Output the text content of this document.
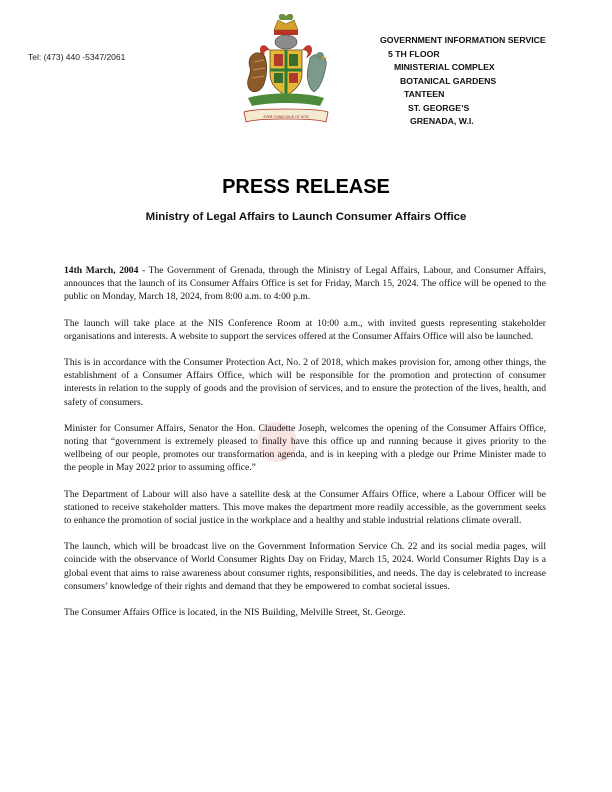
Tel: (473) 440 -5347/2061
EVER CONSCIOUS OF GOD
GOVERNMENT INFORMATION SERVICE
5 TH FLOOR
MINISTERIAL COMPLEX
BOTANICAL GARDENS
TANTEEN
ST. GEORGE’S
GRENADA, W.I.
PRESS RELEASE
Ministry of Legal Affairs to Launch Consumer Affairs Office

14th March, 2004 - The Government of Grenada, through the Ministry of Legal Affairs, Labour, and Consumer Affairs, announces that the launch of its Consumer Affairs Office is set for Friday, March 15, 2024. The office will be opened to the public on Monday, March 18, 2024, from 8:00 a.m. to 4:00 p.m.

The launch will take place at the NIS Conference Room at 10:00 a.m., with invited guests representing stakeholder organisations and interests. A website to support the services offered at the Consumer Affairs Office will also be launched.

This is in accordance with the Consumer Protection Act, No. 2 of 2018, which makes provision for, among other things, the establishment of a Consumer Affairs Office, which will be responsible for the promotion and protection of consumer interests in relation to the supply of goods and the provision of services, and to ensure the protection of the lives, health, and safety of consumers.

Minister for Consumer Affairs, Senator the Hon. Claudette Joseph, welcomes the opening of the Consumer Affairs Office, noting that “government is extremely pleased to finally have this office up and running because it gives priority to the wellbeing of our people, promotes our transformation agenda, and is in keeping with a pledge our Prime Minister made to the people in May 2022 prior to assuming office.”

The Department of Labour will also have a satellite desk at the Consumer Affairs Office, where a Labour Officer will be stationed to receive stakeholder matters. This move makes the department more readily accessible, as the government seeks to enhance the promotion of social justice in the workplace and a healthy and stable industrial relations climate overall.

The launch, which will be broadcast live on the Government Information Service Ch. 22 and its social media pages, will coincide with the observance of World Consumer Rights Day on Friday, March 15, 2024. World Consumer Rights Day is a global event that aims to raise awareness about consumer rights, responsibilities, and needs. The day is celebrated to increase consumers’ knowledge of their rights and demand that they be empowered to combat societal issues.

The Consumer Affairs Office is located, in the NIS Building, Melville Street, St. George.
